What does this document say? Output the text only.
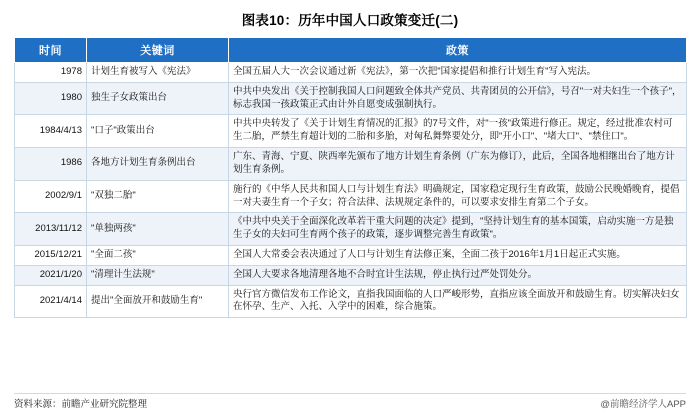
图表10：历年中国人口政策变迁(二)
时间	关键词	政策
1978	计划生育被写入《宪法》	全国五届人大一次会议通过新《宪法》，第一次把"国家提倡和推行计划生育"写入宪法。
1980	独生子女政策出台	中共中央发出《关于控制我国人口问题致全体共产党员、共青团员的公开信》，号召"一对夫妇生一个孩子"，标志我国一孩政策正式由计外自愿变成强制执行。
1984/4/13	"口子"政策出台	中共中央转发了《关于计划生育情况的汇报》的7号文件，对"一孩"政策进行修正。规定，经过批准农村可生二胎，严禁生育超计划的二胎和多胎，对匈私舞弊要处分，即"开小口"、"堵大口"、"禁住口"。
1986	各地方计划生育条例出台	广东、青海、宁夏、陕西率先颁布了地方计划生育条例（广东为修订），此后，全国各地相继出台了地方计划生育条例。
2002/9/1	"双独二胎"	施行的《中华人民共和国人口与计划生育法》明确规定，国家稳定现行生育政策，鼓励公民晚婚晚育，提倡一对夫妻生育一个子女；符合法律、法规规定条件的，可以要求安排生育第二个子女。
2013/11/12	"单独两孩"	《中共中央关于全面深化改革若干重大问题的决定》提到，"坚持计划生育的基本国策，启动实施一方是独生子女的夫妇可生育两个孩子的政策，逐步调整完善生育政策"。
2015/12/21	"全面二孩"	全国人大常委会表决通过了人口与计划生育法修正案，全面二孩于2016年1月1日起正式实施。
2021/1/20	"清理计生法规"	全国人大要求各地清理各地不合时宜计生法规，停止执行过严处罚处分。
2021/4/14	提出"全面放开和鼓励生育"	央行官方微信发布工作论文，直指我国面临的人口严峻形势，直指应该全面放开和鼓励生育。切实解决妇女在怀孕、生产、入托、入学中的困难，综合施策。
资料来源：前瞻产业研究院整理	@前瞻经济学人APP
